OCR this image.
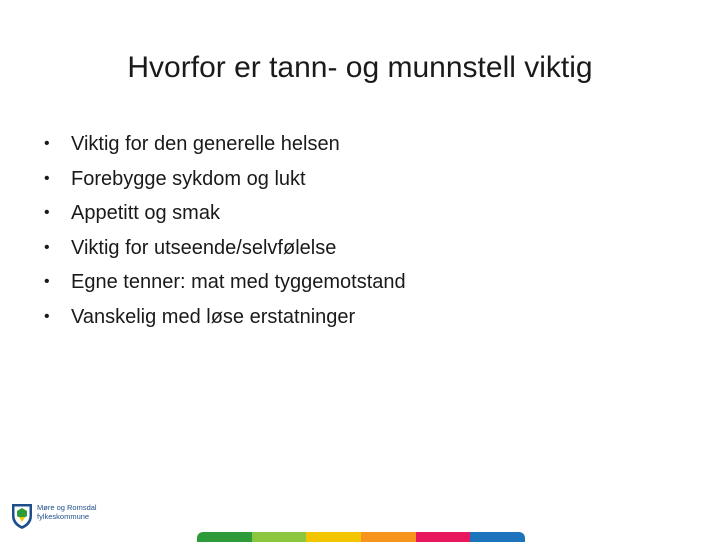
Hvorfor er tann- og munnstell viktig
•	Viktig for den generelle helsen
•	Forebygge sykdom og lukt
•	Appetitt og smak
•	Viktig for utseende/selvfølelse
•	Egne tenner: mat med tyggemotstand
•	Vanskelig med løse erstatninger
Møre og Romsdal
fylkeskommune
